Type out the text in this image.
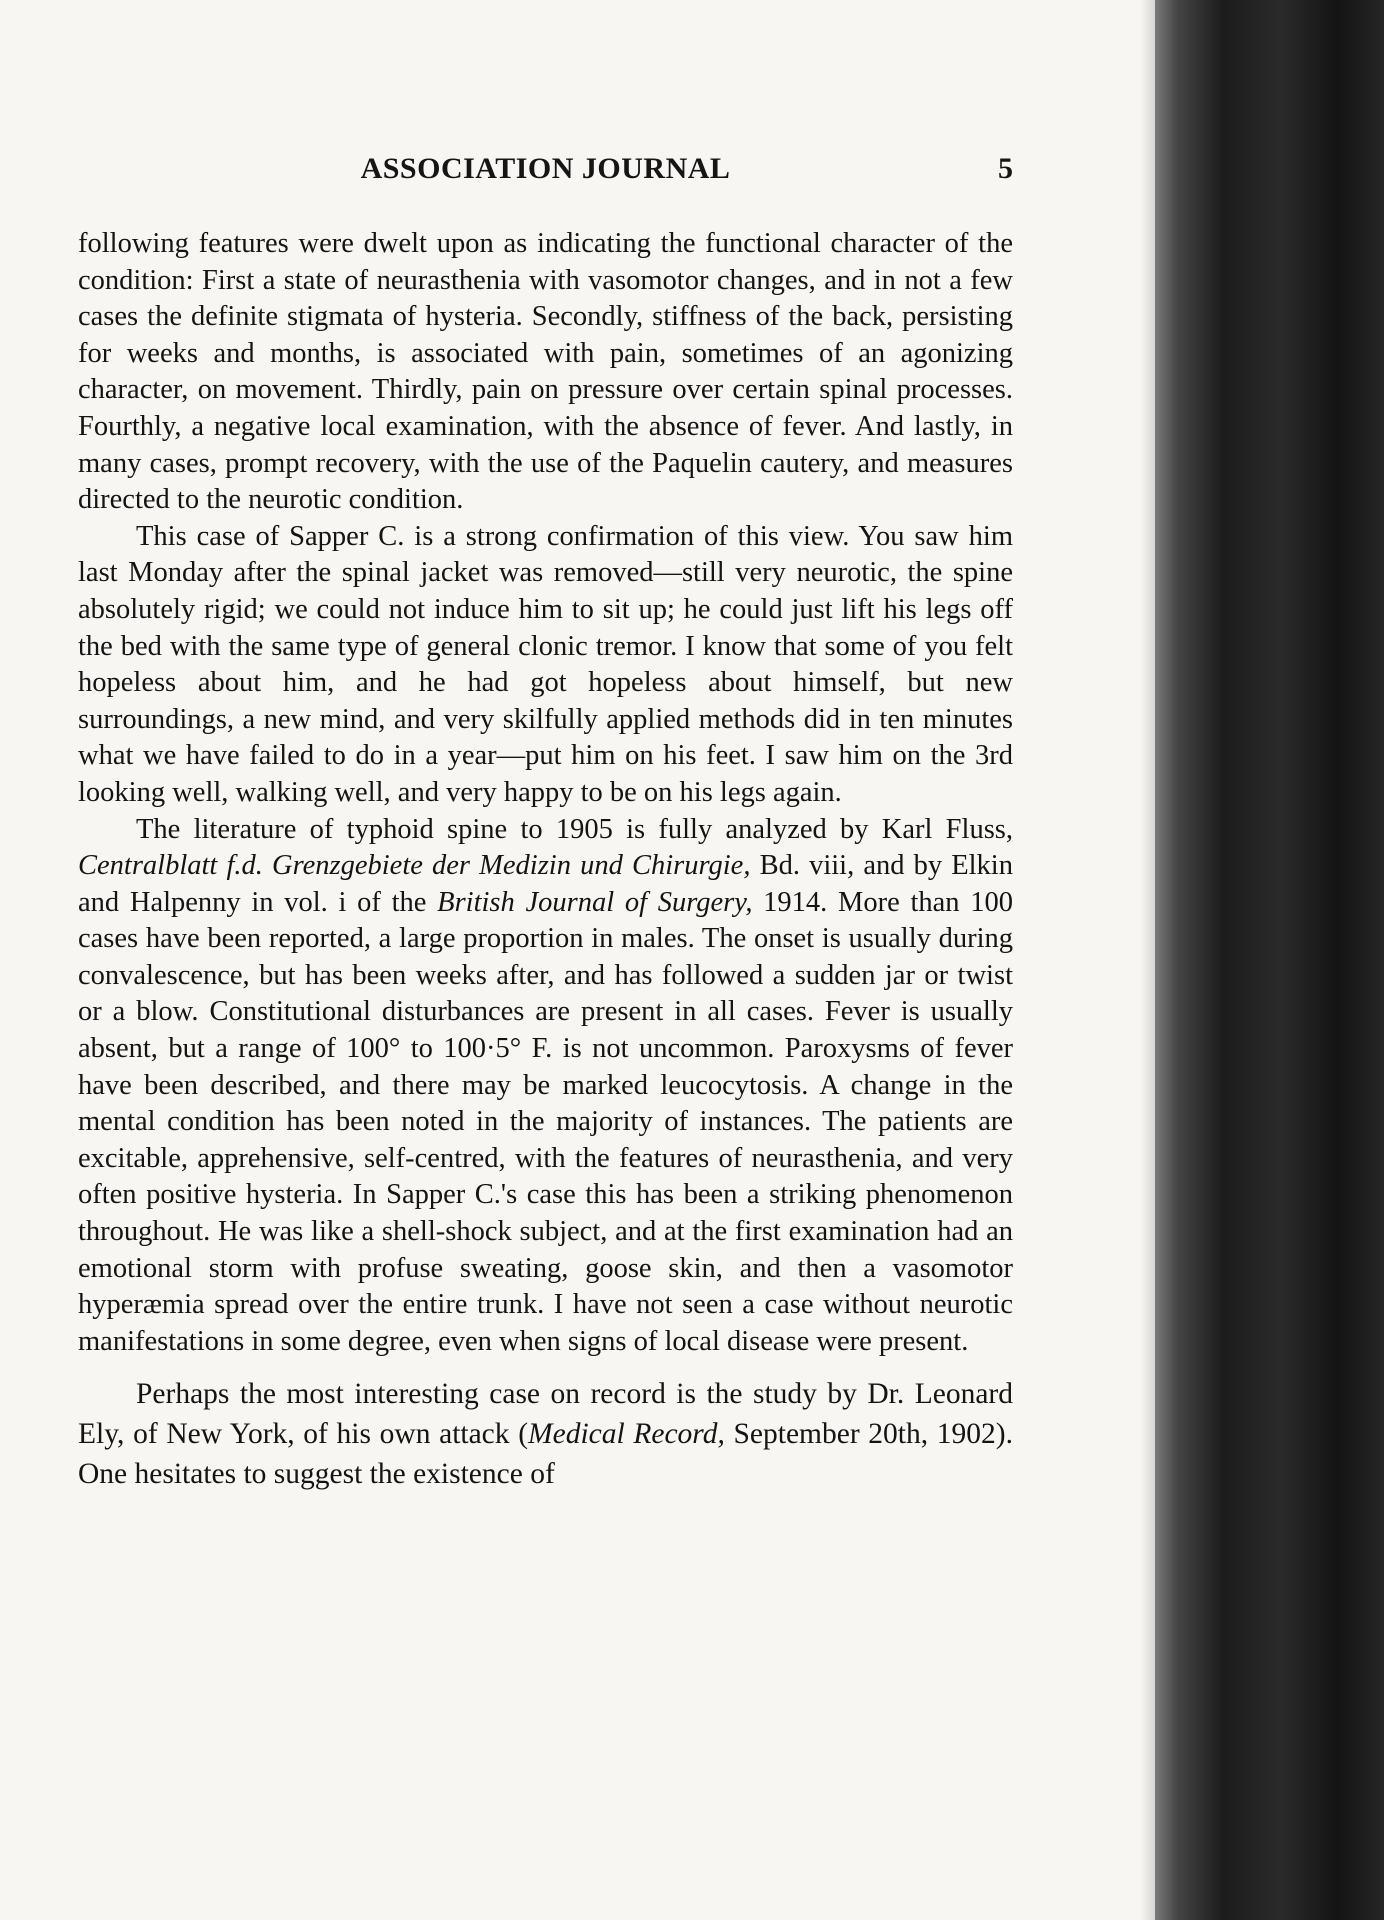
ASSOCIATION JOURNAL	5

following features were dwelt upon as indicating the functional character of the condition: First a state of neurasthenia with vasomotor changes, and in not a few cases the definite stigmata of hysteria. Secondly, stiffness of the back, persisting for weeks and months, is associated with pain, sometimes of an agonizing character, on movement. Thirdly, pain on pressure over certain spinal processes. Fourthly, a negative local examination, with the absence of fever. And lastly, in many cases, prompt recovery, with the use of the Paquelin cautery, and measures directed to the neurotic condition.

This case of Sapper C. is a strong confirmation of this view. You saw him last Monday after the spinal jacket was removed—still very neurotic, the spine absolutely rigid; we could not induce him to sit up; he could just lift his legs off the bed with the same type of general clonic tremor. I know that some of you felt hopeless about him, and he had got hopeless about himself, but new surroundings, a new mind, and very skilfully applied methods did in ten minutes what we have failed to do in a year—put him on his feet. I saw him on the 3rd looking well, walking well, and very happy to be on his legs again.

The literature of typhoid spine to 1905 is fully analyzed by Karl Fluss, Centralblatt f.d. Grenzgebiete der Medizin und Chirurgie, Bd. viii, and by Elkin and Halpenny in vol. i of the British Journal of Surgery, 1914. More than 100 cases have been reported, a large proportion in males. The onset is usually during convalescence, but has been weeks after, and has followed a sudden jar or twist or a blow. Constitutional disturbances are present in all cases. Fever is usually absent, but a range of 100° to 100·5° F. is not uncommon. Paroxysms of fever have been described, and there may be marked leucocytosis. A change in the mental condition has been noted in the majority of instances. The patients are excitable, apprehensive, self-centred, with the features of neurasthenia, and very often positive hysteria. In Sapper C.'s case this has been a striking phenomenon throughout. He was like a shell-shock subject, and at the first examination had an emotional storm with profuse sweating, goose skin, and then a vasomotor hyperæmia spread over the entire trunk. I have not seen a case without neurotic manifestations in some degree, even when signs of local disease were present.

Perhaps the most interesting case on record is the study by Dr. Leonard Ely, of New York, of his own attack (Medical Record, September 20th, 1902). One hesitates to suggest the existence of
